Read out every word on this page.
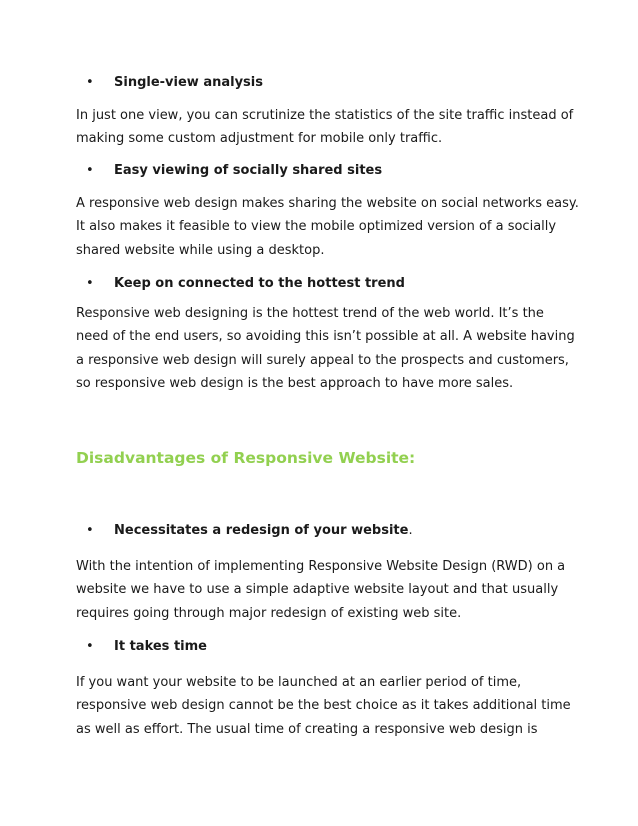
• Single-view analysis
In just one view, you can scrutinize the statistics of the site traffic instead of
making some custom adjustment for mobile only traffic.
• Easy viewing of socially shared sites
A responsive web design makes sharing the website on social networks easy.
It also makes it feasible to view the mobile optimized version of a socially
shared website while using a desktop.
• Keep on connected to the hottest trend
Responsive web designing is the hottest trend of the web world. It’s the
need of the end users, so avoiding this isn’t possible at all. A website having
a responsive web design will surely appeal to the prospects and customers,
so responsive web design is the best approach to have more sales.
Disadvantages of Responsive Website:
• Necessitates a redesign of your website.
With the intention of implementing Responsive Website Design (RWD) on a
website we have to use a simple adaptive website layout and that usually
requires going through major redesign of existing web site.
• It takes time
If you want your website to be launched at an earlier period of time,
responsive web design cannot be the best choice as it takes additional time
as well as effort. The usual time of creating a responsive web design is
